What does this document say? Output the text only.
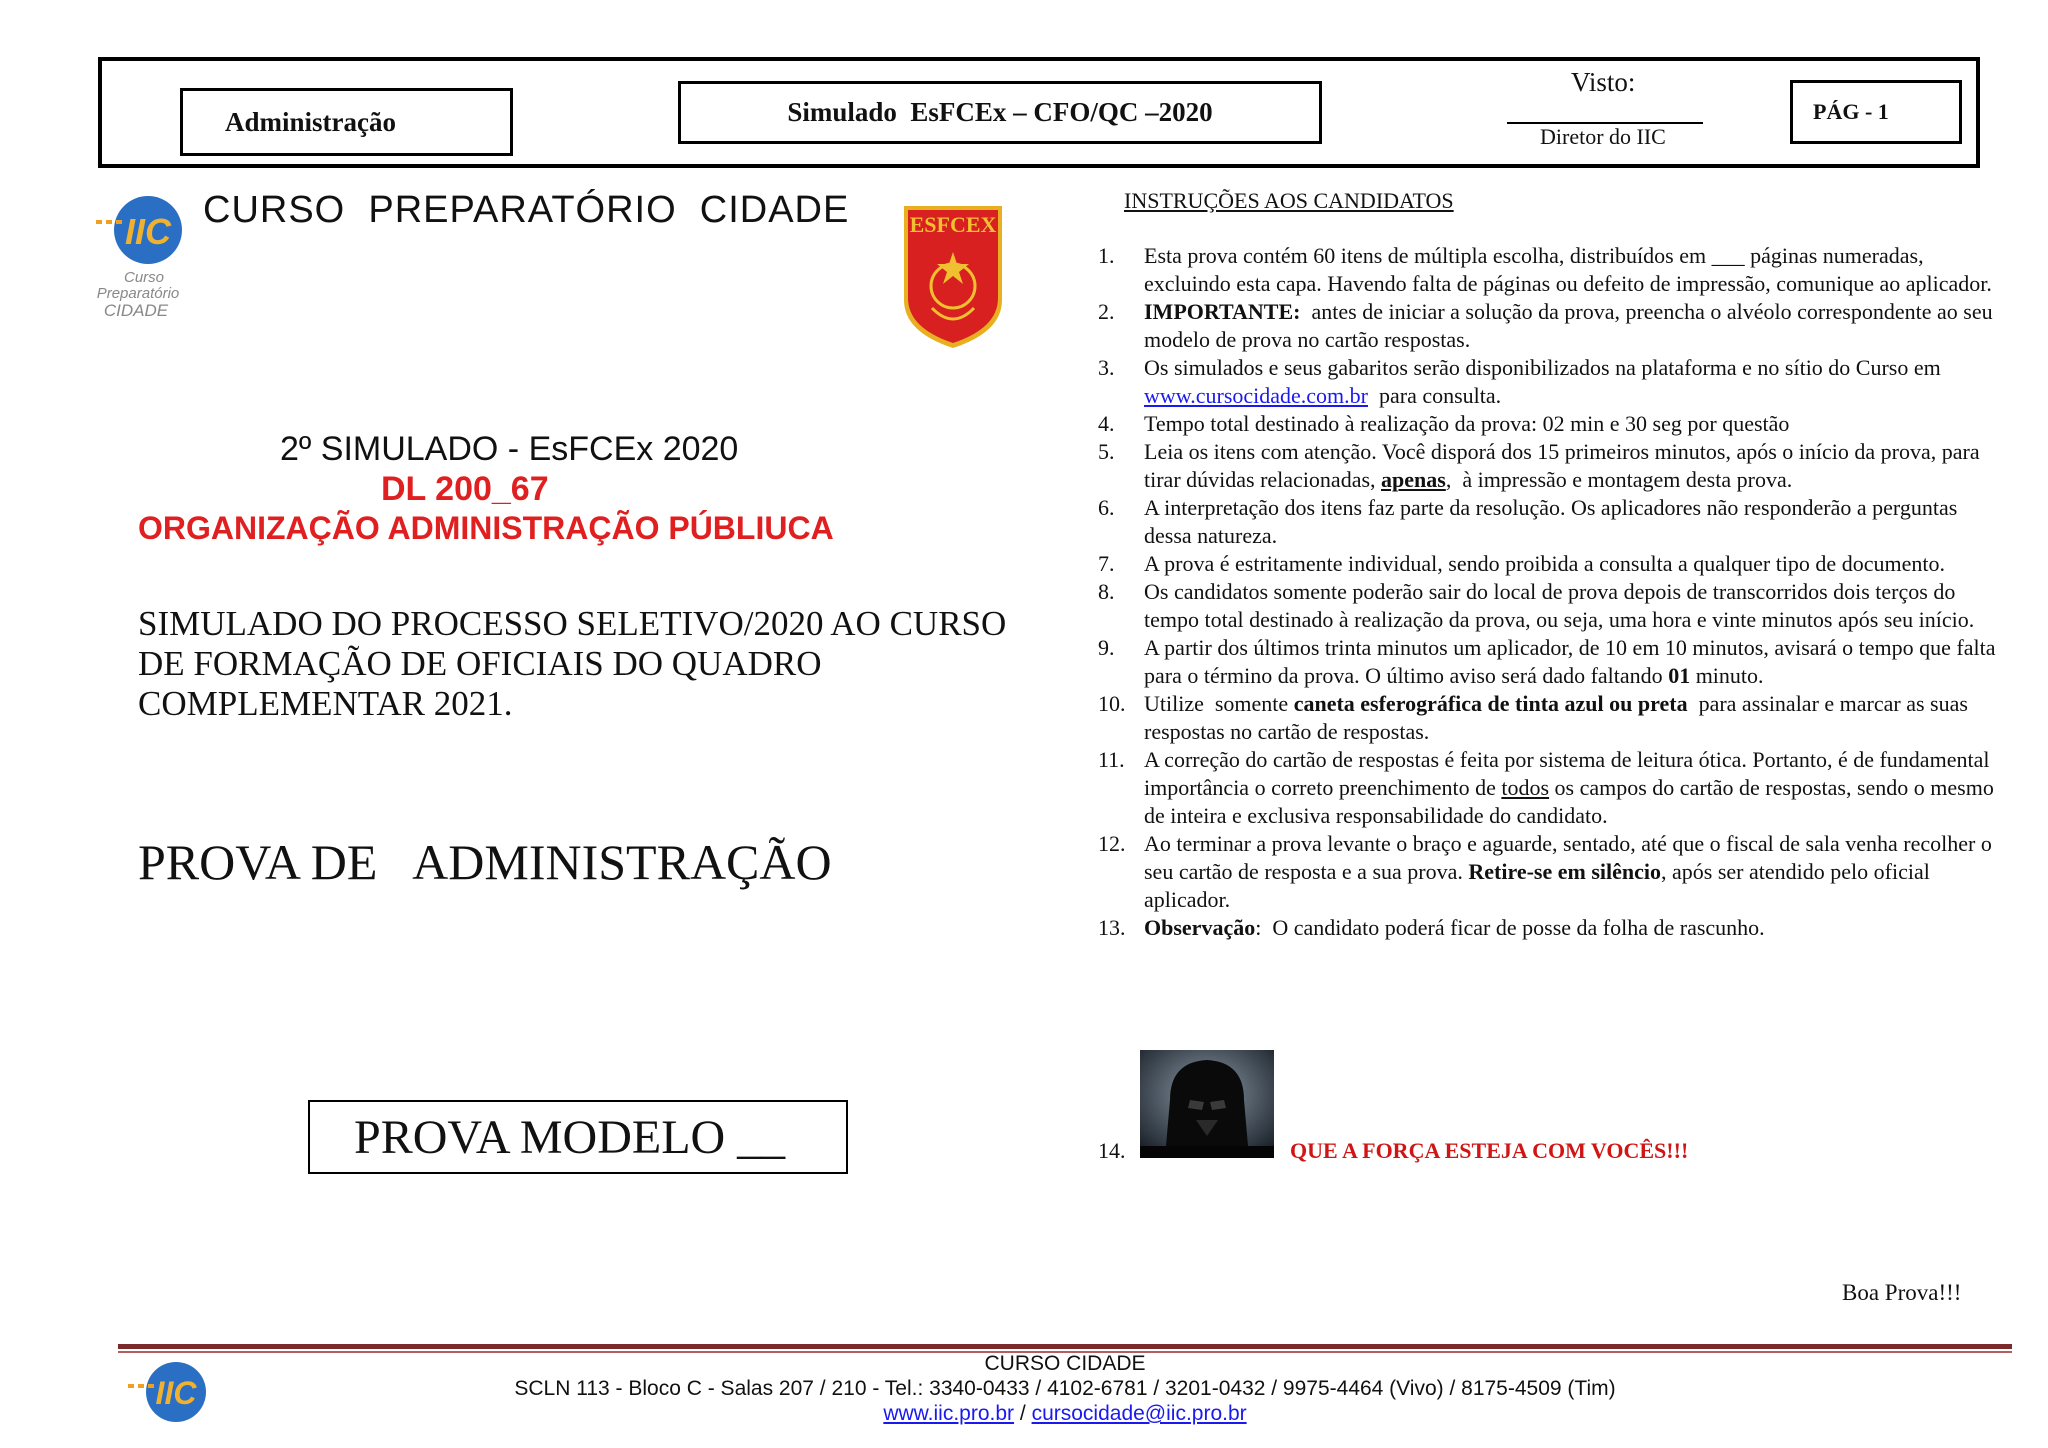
Administração	Simulado  EsFCEx – CFO/QC –2020
Visto:
Diretor do IIC
PÁG - 1
IIC
Curso
Preparatório
CIDADE
CURSO  PREPARATÓRIO  CIDADE	ESFCEX
2º SIMULADO - EsFCEx 2020
DL 200_67
ORGANIZAÇÃO ADMINISTRAÇÃO PÚBLIUCA
SIMULADO DO PROCESSO SELETIVO/2020 AO CURSO DE FORMAÇÃO DE OFICIAIS DO QUADRO COMPLEMENTAR 2021.
PROVA DE   ADMINISTRAÇÃO
PROVA MODELO __
INSTRUÇÕES AOS CANDIDATOS
1. Esta prova contém 60 itens de múltipla escolha, distribuídos em ___ páginas numeradas, excluindo esta capa. Havendo falta de páginas ou defeito de impressão, comunique ao aplicador.
2. IMPORTANTE:  antes de iniciar a solução da prova, preencha o alvéolo correspondente ao seu modelo de prova no cartão respostas.
3. Os simulados e seus gabaritos serão disponibilizados na plataforma e no sítio do Curso em www.cursocidade.com.br  para consulta.
4. Tempo total destinado à realização da prova: 02 min e 30 seg por questão
5. Leia os itens com atenção. Você disporá dos 15 primeiros minutos, após o início da prova, para tirar dúvidas relacionadas, apenas,  à impressão e montagem desta prova.
6. A interpretação dos itens faz parte da resolução. Os aplicadores não responderão a perguntas dessa natureza.
7. A prova é estritamente individual, sendo proibida a consulta a qualquer tipo de documento.
8. Os candidatos somente poderão sair do local de prova depois de transcorridos dois terços do tempo total destinado à realização da prova, ou seja, uma hora e vinte minutos após seu início.
9. A partir dos últimos trinta minutos um aplicador, de 10 em 10 minutos, avisará o tempo que falta para o término da prova. O último aviso será dado faltando 01 minuto.
10. Utilize  somente caneta esferográfica de tinta azul ou preta  para assinalar e marcar as suas respostas no cartão de respostas.
11. A correção do cartão de respostas é feita por sistema de leitura ótica. Portanto, é de fundamental importância o correto preenchimento de todos os campos do cartão de respostas, sendo o mesmo de inteira e exclusiva responsabilidade do candidato.
12. Ao terminar a prova levante o braço e aguarde, sentado, até que o fiscal de sala venha recolher o seu cartão de resposta e a sua prova. Retire-se em silêncio, após ser atendido pelo oficial aplicador.
13. Observação:  O candidato poderá ficar de posse da folha de rascunho.
14.	QUE A FORÇA ESTEJA COM VOCÊS!!!
Boa Prova!!!
IIC
CURSO CIDADE
SCLN 113 - Bloco C - Salas 207 / 210 - Tel.: 3340-0433 / 4102-6781 / 3201-0432 / 9975-4464 (Vivo) / 8175-4509 (Tim)
www.iic.pro.br / cursocidade@iic.pro.br
